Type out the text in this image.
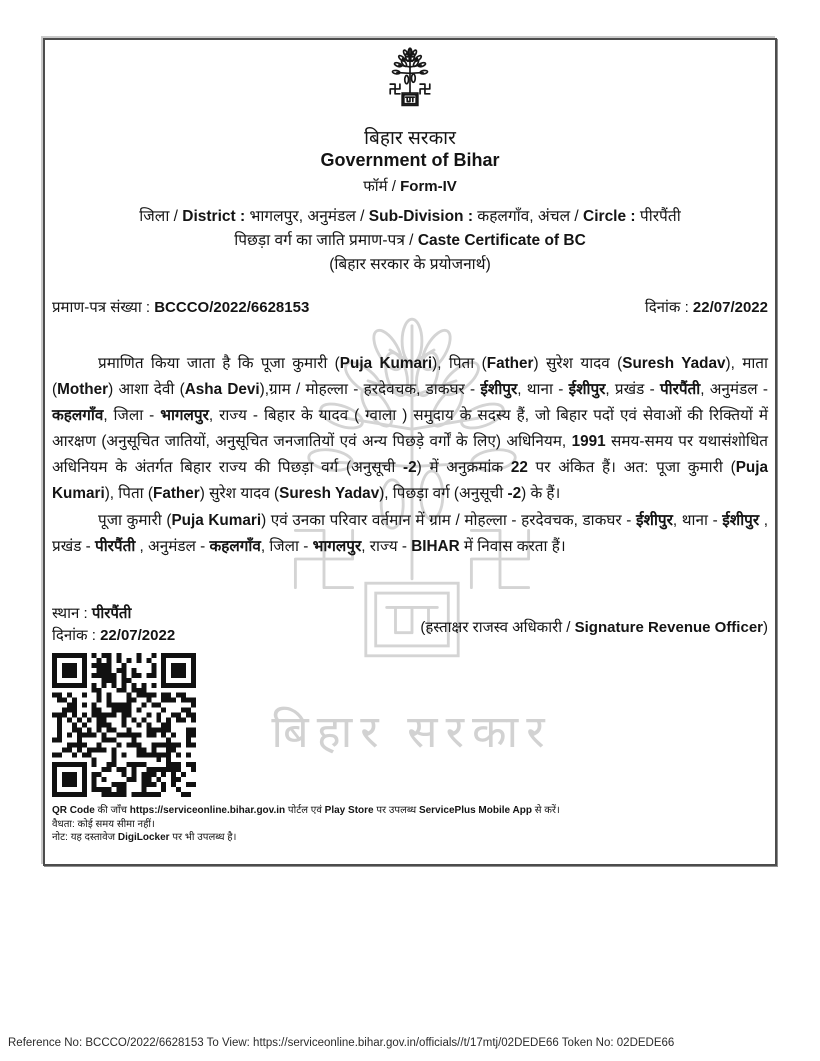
बिहार सरकार
बिहार सरकार
Government of Bihar
फॉर्म / Form-IV
जिला / District : भागलपुर, अनुमंडल / Sub-Division : कहलगाँव, अंचल / Circle : पीरपैंती
पिछड़ा वर्ग का जाति प्रमाण-पत्र / Caste Certificate of BC
(बिहार सरकार के प्रयोजनार्थ)
प्रमाण-पत्र संख्या : BCCCO/2022/6628153	दिनांक : 22/07/2022
प्रमाणित किया जाता है कि पूजा कुमारी (Puja Kumari), पिता (Father) सुरेश यादव (Suresh Yadav), माता (Mother) आशा देवी (Asha Devi),ग्राम / मोहल्ला - हरदेवचक, डाकघर - ईशीपुर, थाना - ईशीपुर, प्रखंड - पीरपैंती, अनुमंडल - कहलगाँव, जिला - भागलपुर, राज्य - बिहार के यादव ( ग्वाला ) समुदाय के सदस्य हैं, जो बिहार पदों एवं सेवाओं की रिक्तियों में आरक्षण (अनुसूचित जातियों, अनुसूचित जनजातियों एवं अन्य पिछड़े वर्गों के लिए) अधिनियम, 1991 समय-समय पर यथासंशोधित अधिनियम के अंतर्गत बिहार राज्य की पिछड़ा वर्ग (अनुसूची -2) में अनुक्रमांक 22 पर अंकित हैं। अत: पूजा कुमारी (Puja Kumari), पिता (Father) सुरेश यादव (Suresh Yadav), पिछड़ा वर्ग (अनुसूची -2) के हैं।
पूजा कुमारी (Puja Kumari) एवं उनका परिवार वर्तमान में ग्राम / मोहल्ला - हरदेवचक, डाकघर - ईशीपुर, थाना - ईशीपुर , प्रखंड - पीरपैंती , अनुमंडल - कहलगाँव, जिला - भागलपुर, राज्य - BIHAR में निवास करता हैं।
स्थान : पीरपैंती
दिनांक : 22/07/2022	(हस्ताक्षर राजस्व अधिकारी / Signature Revenue Officer)
QR Code की जाँच https://serviceonline.bihar.gov.in पोर्टल एवं Play Store पर उपलब्ध ServicePlus Mobile App से करें।
वैधता: कोई समय सीमा नहीं।
नोट: यह दस्तावेज DigiLocker पर भी उपलब्ध है।
Reference No: BCCCO/2022/6628153 To View: https://serviceonline.bihar.gov.in/officials//t/17mtj/02DEDE66 Token No: 02DEDE66
